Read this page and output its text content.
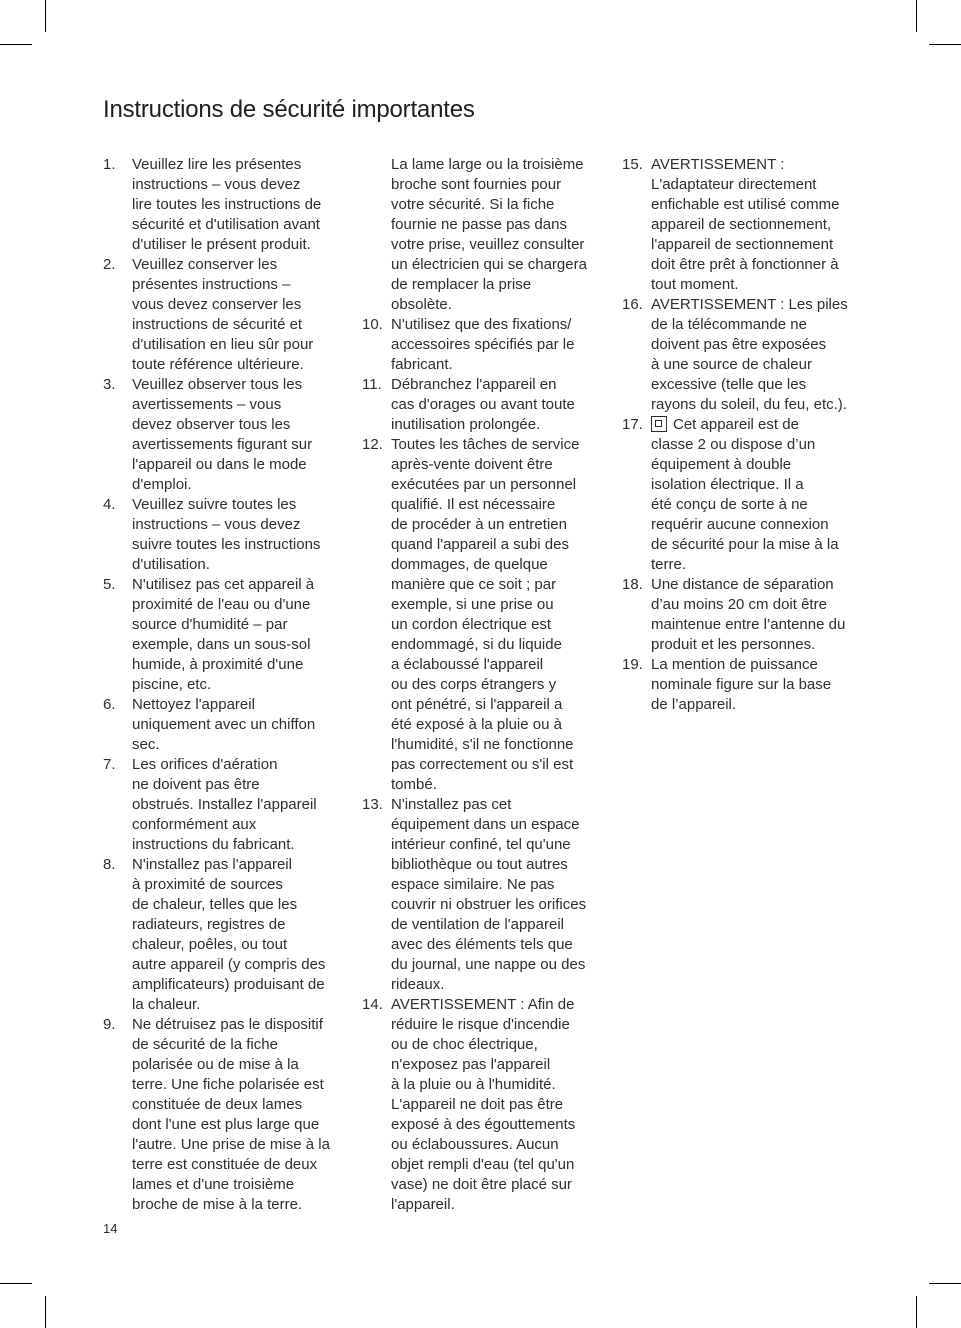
Instructions de sécurité importantes
1. Veuillez lire les présentes
instructions – vous devez
lire toutes les instructions de
sécurité et d'utilisation avant
d'utiliser le présent produit.
2. Veuillez conserver les
présentes instructions –
vous devez conserver les
instructions de sécurité et
d'utilisation en lieu sûr pour
toute référence ultérieure.
3. Veuillez observer tous les
avertissements – vous
devez observer tous les
avertissements figurant sur
l'appareil ou dans le mode
d'emploi.
4. Veuillez suivre toutes les
instructions – vous devez
suivre toutes les instructions
d'utilisation.
5. N'utilisez pas cet appareil à
proximité de l'eau ou d'une
source d'humidité – par
exemple, dans un sous-sol
humide, à proximité d'une
piscine, etc.
6. Nettoyez l'appareil
uniquement avec un chiffon
sec.
7. Les orifices d'aération
ne doivent pas être
obstrués. Installez l'appareil
conformément aux
instructions du fabricant.
8. N'installez pas l'appareil
à proximité de sources
de chaleur, telles que les
radiateurs, registres de
chaleur, poêles, ou tout
autre appareil (y compris des
amplificateurs) produisant de
la chaleur.
9. Ne détruisez pas le dispositif
de sécurité de la fiche
polarisée ou de mise à la
terre. Une fiche polarisée est
constituée de deux lames
dont l'une est plus large que
l'autre. Une prise de mise à la
terre est constituée de deux
lames et d'une troisième
broche de mise à la terre.
La lame large ou la troisième
broche sont fournies pour
votre sécurité. Si la fiche
fournie ne passe pas dans
votre prise, veuillez consulter
un électricien qui se chargera
de remplacer la prise
obsolète.
10. N'utilisez que des fixations/
accessoires spécifiés par le
fabricant.
11. Débranchez l'appareil en
cas d'orages ou avant toute
inutilisation prolongée.
12. Toutes les tâches de service
après-vente doivent être
exécutées par un personnel
qualifié. Il est nécessaire
de procéder à un entretien
quand l'appareil a subi des
dommages, de quelque
manière que ce soit ; par
exemple, si une prise ou
un cordon électrique est
endommagé, si du liquide
a éclaboussé l'appareil
ou des corps étrangers y
ont pénétré, si l'appareil a
été exposé à la pluie ou à
l'humidité, s'il ne fonctionne
pas correctement ou s'il est
tombé.
13. N'installez pas cet
équipement dans un espace
intérieur confiné, tel qu'une
bibliothèque ou tout autres
espace similaire. Ne pas
couvrir ni obstruer les orifices
de ventilation de l'appareil
avec des éléments tels que
du journal, une nappe ou des
rideaux.
14. AVERTISSEMENT : Afin de
réduire le risque d'incendie
ou de choc électrique,
n'exposez pas l'appareil
à la pluie ou à l'humidité.
L'appareil ne doit pas être
exposé à des égouttements
ou éclaboussures. Aucun
objet rempli d'eau (tel qu'un
vase) ne doit être placé sur
l'appareil.
15. AVERTISSEMENT :
L'adaptateur directement
enfichable est utilisé comme
appareil de sectionnement,
l'appareil de sectionnement
doit être prêt à fonctionner à
tout moment.
16. AVERTISSEMENT : Les piles
de la télécommande ne
doivent pas être exposées
à une source de chaleur
excessive (telle que les
rayons du soleil, du feu, etc.).
17.	Cet appareil est de
classe 2 ou dispose d’un
équipement à double
isolation électrique. Il a
été conçu de sorte à ne
requérir aucune connexion
de sécurité pour la mise à la
terre.
18. Une distance de séparation
d’au moins 20 cm doit être
maintenue entre l’antenne du
produit et les personnes.
19. La mention de puissance
nominale figure sur la base
de l’appareil.
14
